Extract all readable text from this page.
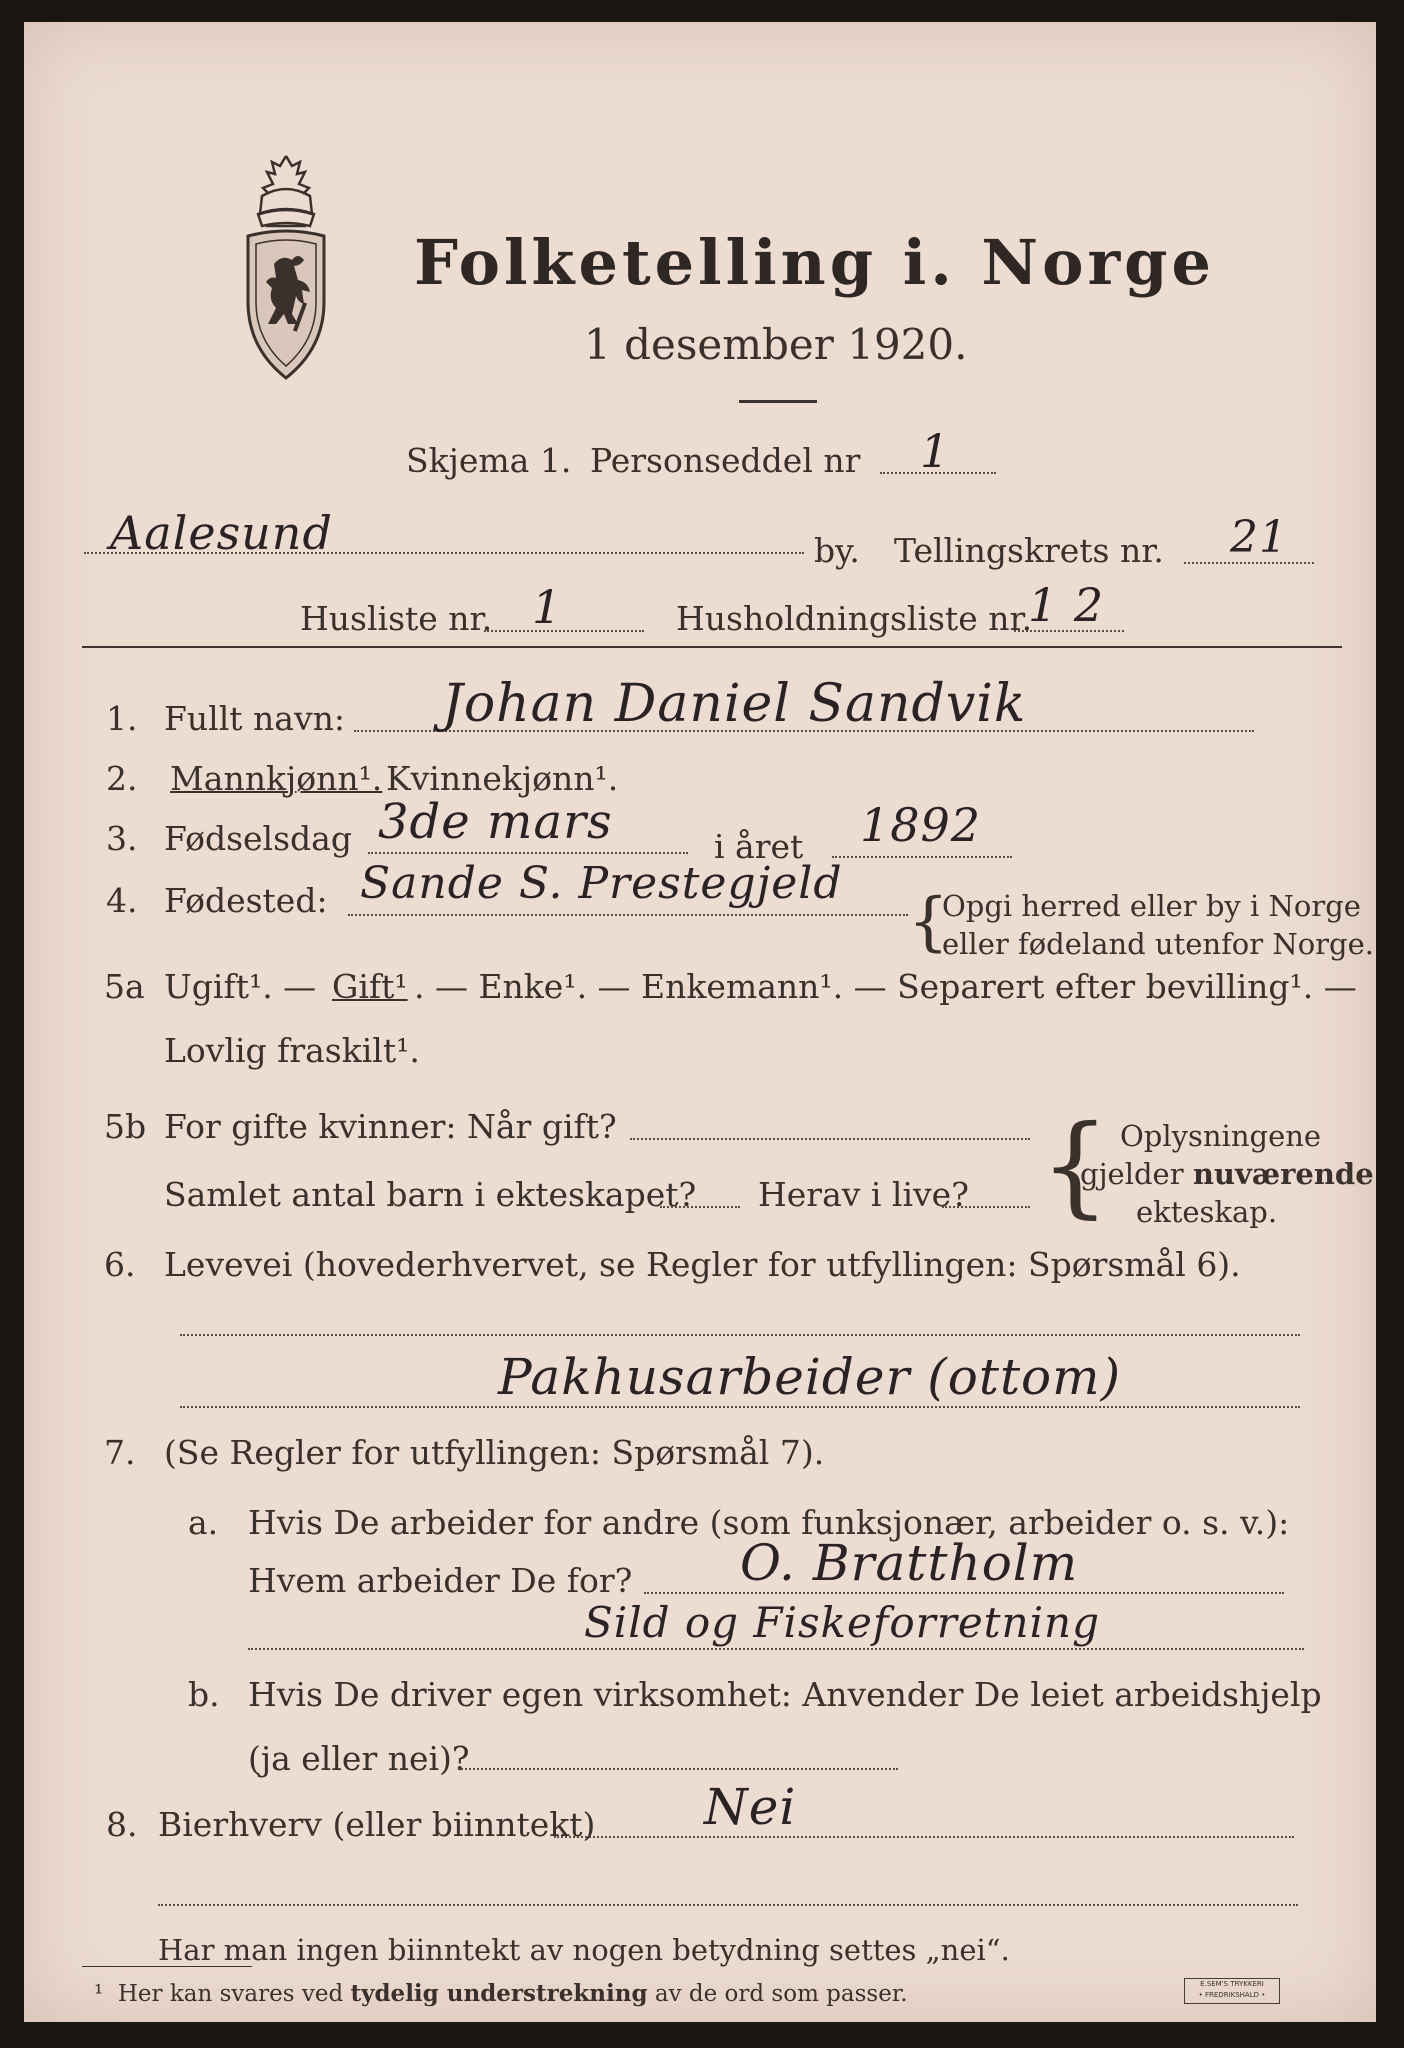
Folketelling i. Norge
1 desember 1920.
Skjema 1. Personseddel nr 1
Aalesund	by. Tellingskrets nr. 21
Husliste nr. 1	Husholdningsliste nr.
1 2
1. Fullt navn: Johan Daniel Sandvik
2. Mannkjønn¹. Kvinnekjønn¹.
3. Fødselsdag 3de mars	i året 1892
4. Fødested: Sande S. Prestegjeld
{
Opgi herred eller by i Norge
eller fødeland utenfor Norge.
5a Ugift¹. — Gift¹ . — Enke¹. — Enkemann¹. — Separert efter bevilling¹. —
Lovlig fraskilt¹.
5b For gifte kvinner: Når gift?
Samlet antal barn i ekteskapet? Herav i live? { Oplysningene
gjelder nuværende
ekteskap.
6. Levevei (hovederhvervet, se Regler for utfyllingen: Spørsmål 6).
Pakhusarbeider (ottom)
7. (Se Regler for utfyllingen: Spørsmål 7).
a. Hvis De arbeider for andre (som funksjonær, arbeider o. s. v.):
Hvem arbeider De for? O. Brattholm
Sild og Fiskeforretning
b. Hvis De driver egen virksomhet: Anvender De leiet arbeidshjelp
(ja eller nei)?
8. Bierhverv (eller biinntekt) Nei
Har man ingen biinntekt av nogen betydning settes „nei“.
¹ Her kan svares ved tydelig understrekning av de ord som passer.	E.SEM'S TRYKKERI
• FREDRIKSHALD •
